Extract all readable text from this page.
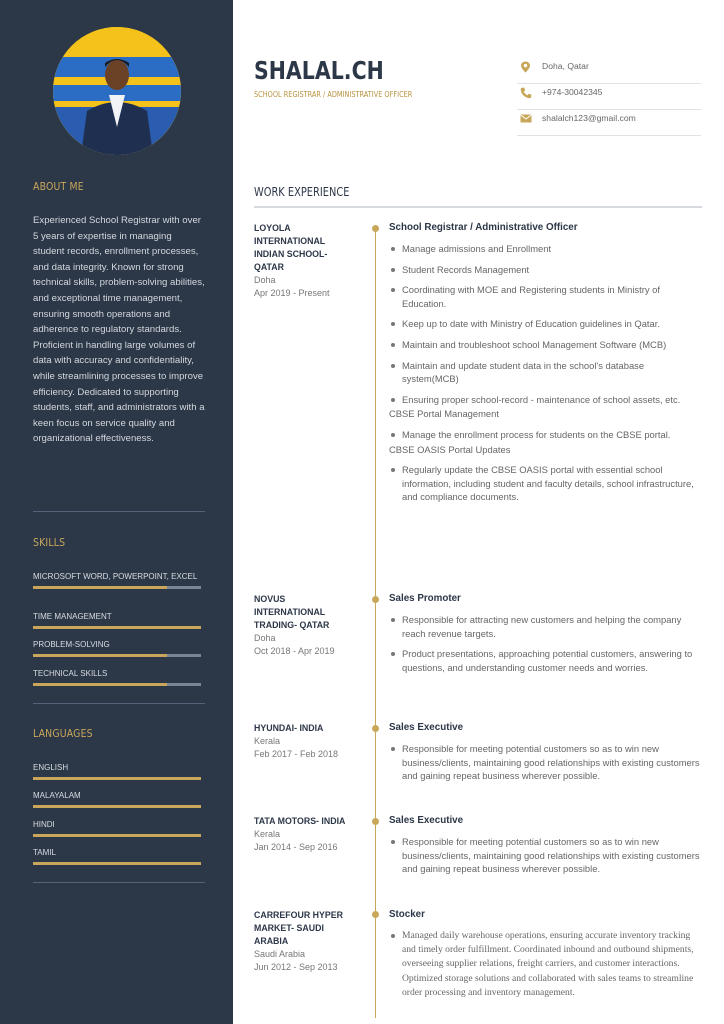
ABOUT ME
Experienced School Registrar with over 5 years of expertise in managing student records, enrollment processes, and data integrity. Known for strong technical skills, problem-solving abilities, and exceptional time management, ensuring smooth operations and adherence to regulatory standards. Proficient in handling large volumes of data with accuracy and confidentiality, while streamlining processes to improve efficiency. Dedicated to supporting students, staff, and administrators with a keen focus on service quality and organizational effectiveness.
SKILLS
MICROSOFT WORD, POWERPOINT, EXCEL
TIME MANAGEMENT
PROBLEM-SOLVING
TECHNICAL SKILLS
LANGUAGES
ENGLISH
MALAYALAM
HINDI
TAMIL
SHALAL.CH
SCHOOL REGISTRAR / ADMINISTRATIVE OFFICER
Doha, Qatar
+974-30042345
shalalch123@gmail.com
WORK EXPERIENCE
LOYOLA INTERNATIONAL INDIAN SCHOOL- QATAR
Doha
Apr 2019 - Present
School Registrar / Administrative Officer
Manage admissions and Enrollment
Student Records Management
Coordinating with MOE and Registering students in Ministry of Education.
Keep up to date with Ministry of Education guidelines in Qatar.
Maintain and troubleshoot school Management Software (MCB)
Maintain and update student data in the school's database system(MCB)
Ensuring proper school-record - maintenance of school assets, etc.
CBSE Portal Management
Manage the enrollment process for students on the CBSE portal.
CBSE OASIS Portal Updates
Regularly update the CBSE OASIS portal with essential school information, including student and faculty details, school infrastructure, and compliance documents.
NOVUS INTERNATIONAL TRADING- QATAR
Doha
Oct 2018 - Apr 2019
Sales Promoter
Responsible for attracting new customers and helping the company reach revenue targets.
Product presentations, approaching potential customers, answering to questions, and understanding customer needs and worries.
HYUNDAI- INDIA
Kerala
Feb 2017 - Feb 2018
Sales Executive
Responsible for meeting potential customers so as to win new business/clients, maintaining good relationships with existing customers and gaining repeat business wherever possible.
TATA MOTORS- INDIA
Kerala
Jan 2014 - Sep 2016
Sales Executive
Responsible for meeting potential customers so as to win new business/clients, maintaining good relationships with existing customers and gaining repeat business wherever possible.
CARREFOUR HYPER MARKET- SAUDI ARABIA
Saudi Arabia
Jun 2012 - Sep 2013
Stocker
Managed daily warehouse operations, ensuring accurate inventory tracking and timely order fulfillment. Coordinated inbound and outbound shipments, overseeing supplier relations, freight carriers, and customer interactions. Optimized storage solutions and collaborated with sales teams to streamline order processing and inventory management.
